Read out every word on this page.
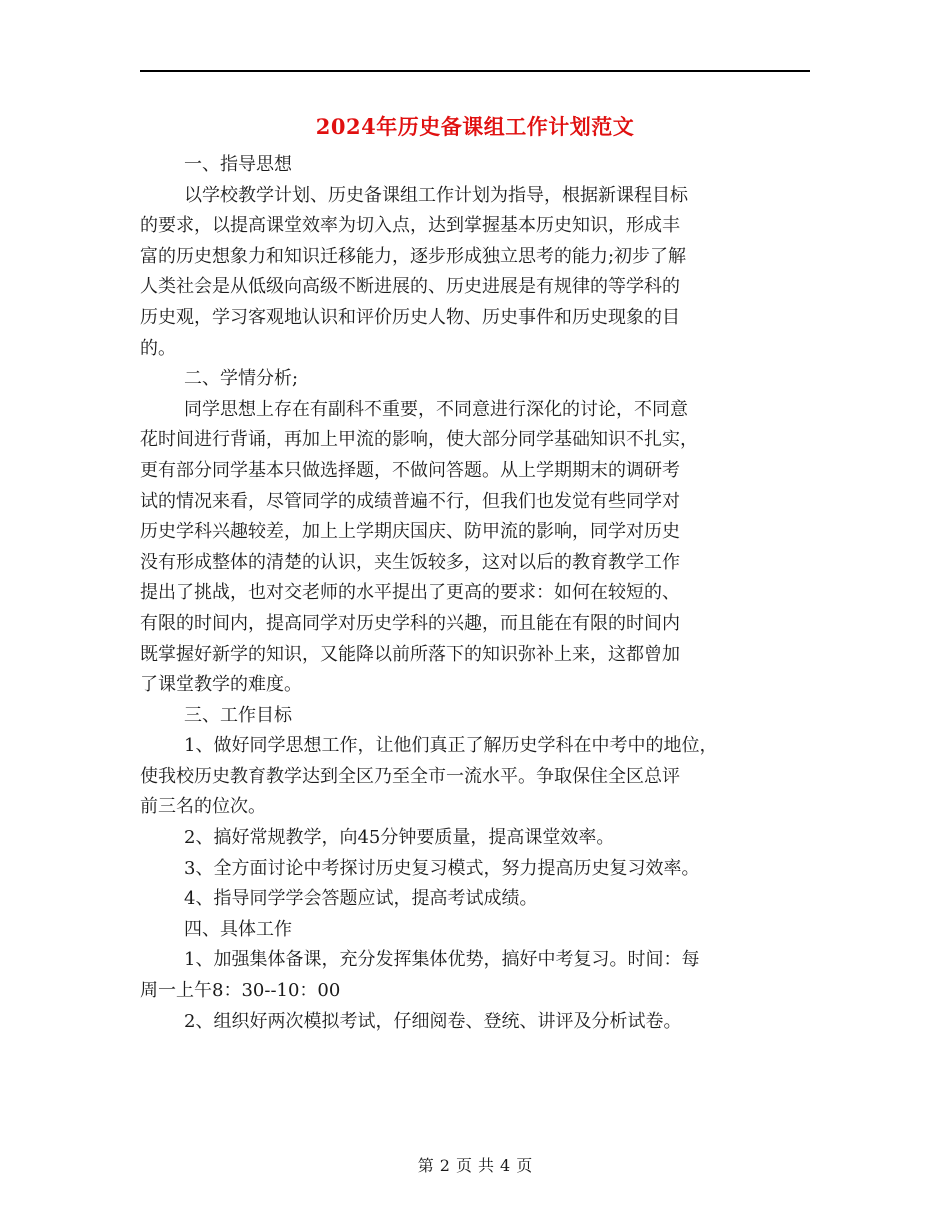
2024年历史备课组工作计划范文
一、指导思想
以学校教学计划、历史备课组工作计划为指导，根据新课程目标
的要求，以提高课堂效率为切入点，达到掌握基本历史知识，形成丰
富的历史想象力和知识迁移能力，逐步形成独立思考的能力;初步了解
人类社会是从低级向高级不断进展的、历史进展是有规律的等学科的
历史观，学习客观地认识和评价历史人物、历史事件和历史现象的目
的。
二、学情分析;
同学思想上存在有副科不重要，不同意进行深化的讨论，不同意
花时间进行背诵，再加上甲流的影响，使大部分同学基础知识不扎实，
更有部分同学基本只做选择题，不做问答题。从上学期期末的调研考
试的情况来看，尽管同学的成绩普遍不行，但我们也发觉有些同学对
历史学科兴趣较差，加上上学期庆国庆、防甲流的影响，同学对历史
没有形成整体的清楚的认识，夹生饭较多，这对以后的教育教学工作
提出了挑战，也对交老师的水平提出了更高的要求：如何在较短的、
有限的时间内，提高同学对历史学科的兴趣，而且能在有限的时间内
既掌握好新学的知识，又能降以前所落下的知识弥补上来，这都曾加
了课堂教学的难度。
三、工作目标
1、做好同学思想工作，让他们真正了解历史学科在中考中的地位，
使我校历史教育教学达到全区乃至全市一流水平。争取保住全区总评
前三名的位次。
2、搞好常规教学，向45分钟要质量，提高课堂效率。
3、全方面讨论中考探讨历史复习模式，努力提高历史复习效率。
4、指导同学学会答题应试，提高考试成绩。
四、具体工作
1、加强集体备课，充分发挥集体优势，搞好中考复习。时间：每
周一上午8：30--10：00
2、组织好两次模拟考试，仔细阅卷、登统、讲评及分析试卷。
第 2 页 共 4 页
